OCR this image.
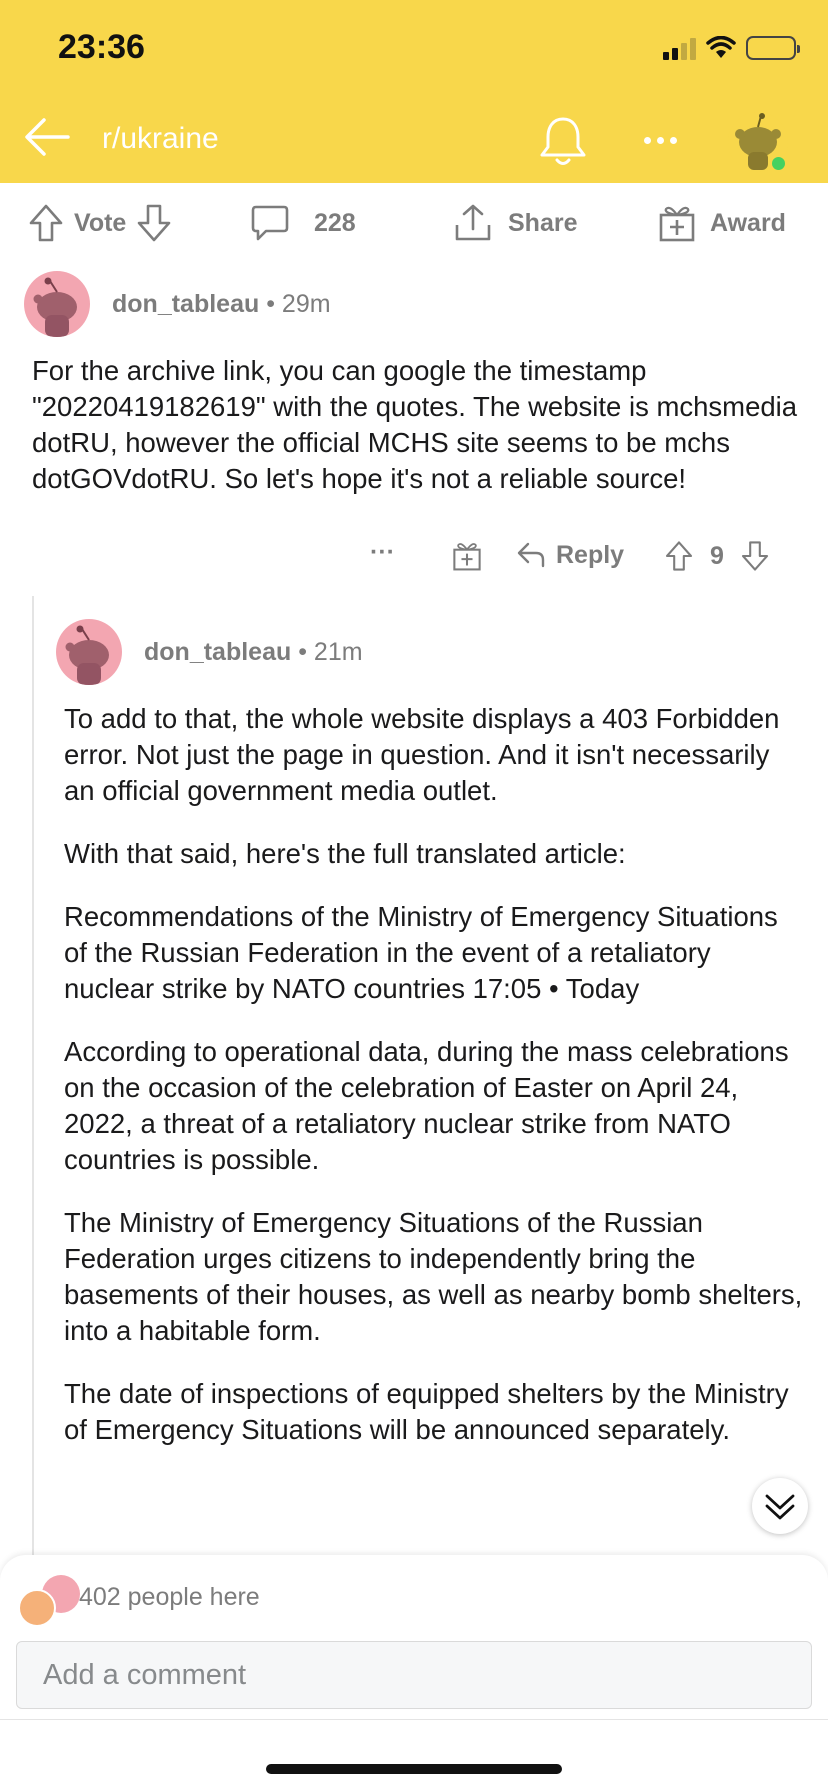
23:36
r/ukraine
Vote	228	Share	Award
don_tableau • 29m

For the archive link, you can google the timestamp "20220419182619" with the quotes. The website is mchsmedia dotRU, however the official MCHS site seems to be mchs dotGOVdotRU. So let's hope it's not a reliable source!

···	Reply	9
don_tableau • 21m

To add to that, the whole website displays a 403 Forbidden error. Not just the page in question. And it isn't necessarily an official government media outlet.

With that said, here's the full translated article:

Recommendations of the Ministry of Emergency Situations of the Russian Federation in the event of a retaliatory nuclear strike by NATO countries 17:05 • Today

According to operational data, during the mass celebrations on the occasion of the celebration of Easter on April 24, 2022, a threat of a retaliatory nuclear strike from NATO countries is possible.

The Ministry of Emergency Situations of the Russian Federation urges citizens to independently bring the basements of their houses, as well as nearby bomb shelters, into a habitable form.

The date of inspections of equipped shelters by the Ministry of Emergency Situations will be announced separately.

402 people here
Add a comment
